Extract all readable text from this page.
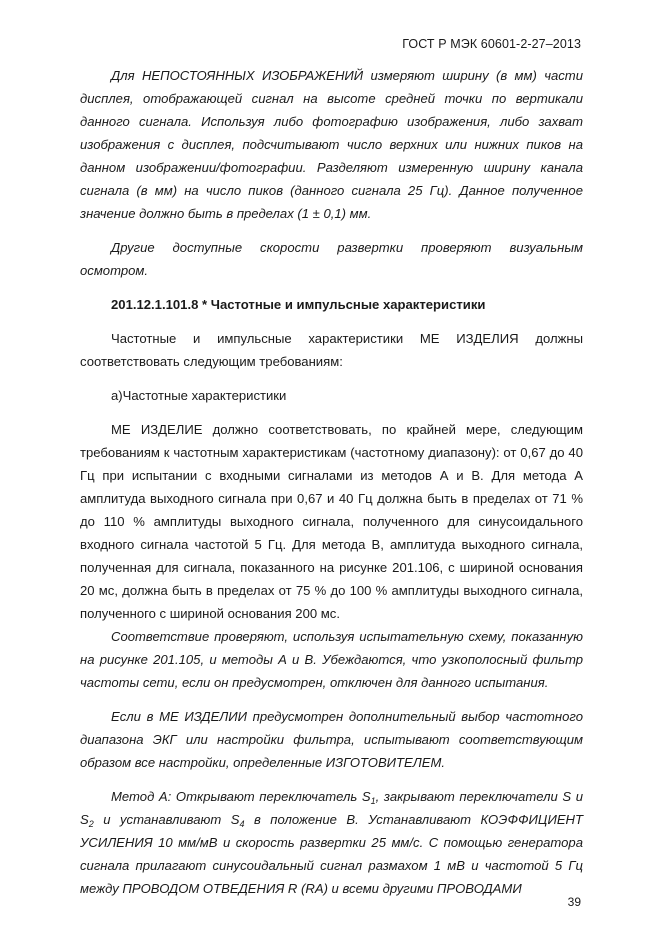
ГОСТ Р МЭК 60601-2-27–2013

Для НЕПОСТОЯННЫХ ИЗОБРАЖЕНИЙ измеряют ширину (в мм) части дисплея, отображающей сигнал на высоте средней точки по вертикали данного сигнала. Используя либо фотографию изображения, либо захват изображения с дисплея, подсчитывают число верхних или нижних пиков на данном изображении/фотографии. Разделяют измеренную ширину канала сигнала (в мм) на число пиков (данного сигнала 25 Гц). Данное полученное значение должно быть в пределах (1 ± 0,1) мм.

Другие доступные скорости развертки проверяют визуальным осмотром.

201.12.1.101.8 * Частотные и импульсные характеристики

Частотные и импульсные характеристики МЕ ИЗДЕЛИЯ должны соответствовать следующим требованиям:

а)Частотные характеристики

МЕ ИЗДЕЛИЕ должно соответствовать, по крайней мере, следующим требованиям к частотным характеристикам (частотному диапазону): от 0,67 до 40 Гц при испытании с входными сигналами из методов А и В. Для метода А амплитуда выходного сигнала при 0,67 и 40 Гц должна быть в пределах от 71 % до 110 % амплитуды выходного сигнала, полученного для синусоидального входного сигнала частотой 5 Гц. Для метода В, амплитуда выходного сигнала, полученная для сигнала, показанного на рисунке 201.106, с шириной основания 20 мс, должна быть в пределах от 75 % до 100 % амплитуды выходного сигнала, полученного с шириной основания 200 мс.

Соответствие проверяют, используя испытательную схему, показанную на рисунке 201.105, и методы А и В. Убеждаются, что узкополосный фильтр частоты сети, если он предусмотрен, отключен для данного испытания.

Если в МЕ ИЗДЕЛИИ предусмотрен дополнительный выбор частотного диапазона ЭКГ или настройки фильтра, испытывают соответствующим образом все настройки, определенные ИЗГОТОВИТЕЛЕМ.

Метод А: Открывают переключатель $S_1$, закрывают переключатели S и $S_2$ и устанавливают $S_4$ в положение В. Устанавливают КОЭФФИЦИЕНТ УСИЛЕНИЯ 10 мм/мВ и скорость развертки 25 мм/с. С помощью генератора сигнала прилагают синусоидальный сигнал размахом 1 мВ и частотой 5 Гц между ПРОВОДОМ ОТВЕДЕНИЯ R (RA) и всеми другими ПРОВОДАМИ

39
